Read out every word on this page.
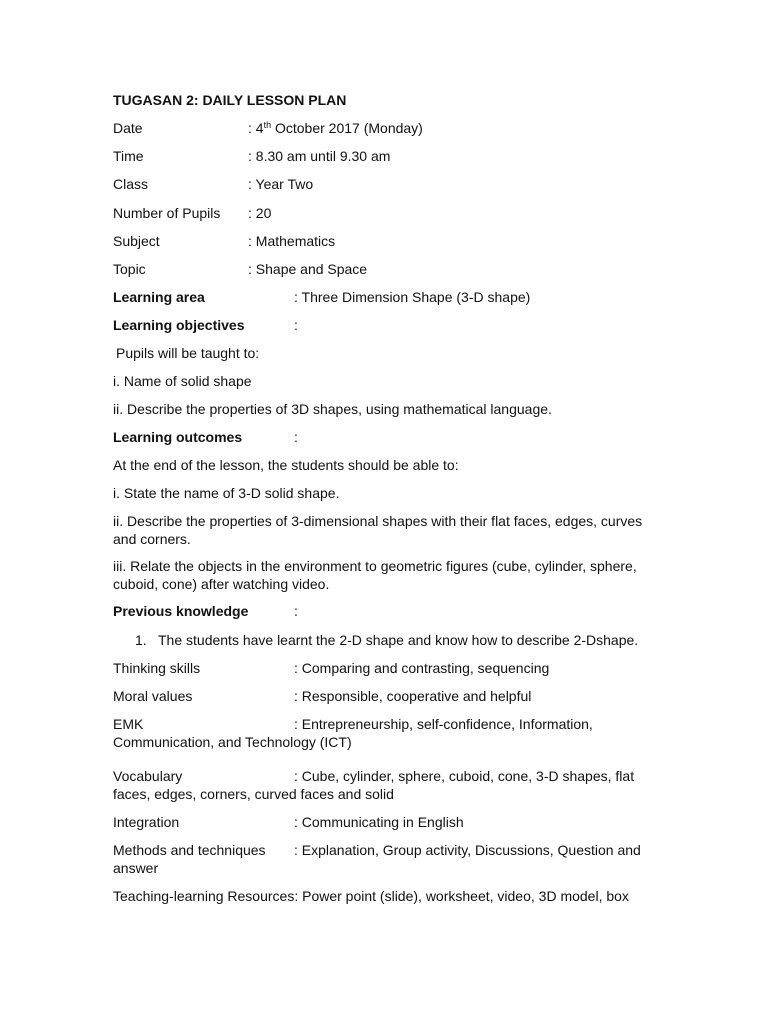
TUGASAN 2: DAILY LESSON PLAN
Date	: 4th October 2017 (Monday)
Time	: 8.30 am until 9.30 am
Class	: Year Two
Number of Pupils : 20
Subject	: Mathematics
Topic	: Shape and Space
Learning area	: Three Dimension Shape (3-D shape)
Learning objectives	:
Pupils will be taught to:
i. Name of solid shape
ii. Describe the properties of 3D shapes, using mathematical language.
Learning outcomes	:
At the end of the lesson, the students should be able to:
i. State the name of 3-D solid shape.
ii. Describe the properties of 3-dimensional shapes with their flat faces, edges, curves and corners.
iii. Relate the objects in the environment to geometric figures (cube, cylinder, sphere, cuboid, cone) after watching video.
Previous knowledge	:
1. The students have learnt the 2-D shape and know how to describe 2-Dshape.
Thinking skills	: Comparing and contrasting, sequencing
Moral values	: Responsible, cooperative and helpful
EMK	: Entrepreneurship, self-confidence, Information,
Communication, and Technology (ICT)
Vocabulary	: Cube, cylinder, sphere, cuboid, cone, 3-D shapes, flat
faces, edges, corners, curved faces and solid
Integration	: Communicating in English
Methods and techniques : Explanation, Group activity, Discussions, Question and
answer
Teaching-learning Resources: Power point (slide), worksheet, video, 3D model, box
